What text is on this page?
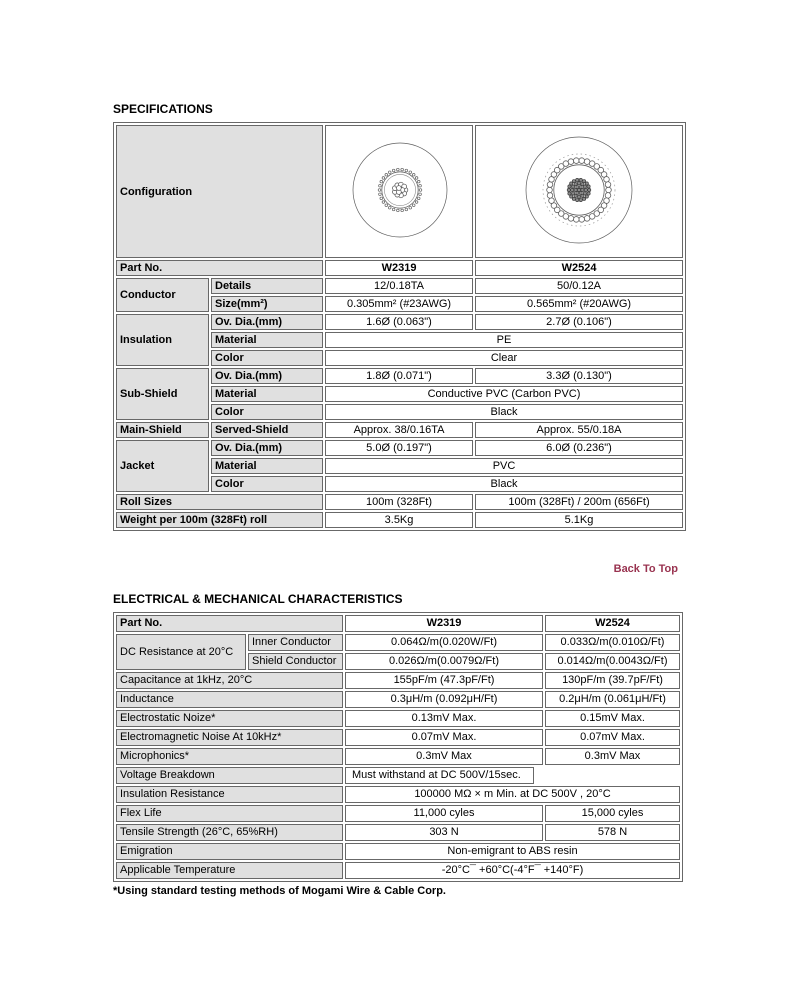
SPECIFICATIONS
Configuration		
Part No.		W2319	W2524
Conductor	Details	12/0.18TA	50/0.12A
	Size(mm²)	0.305mm² (#23AWG)	0.565mm² (#20AWG)
Insulation	Ov. Dia.(mm)	1.6Ø (0.063")	2.7Ø (0.106")
	Material	PE	
	Color	Clear	
Sub-Shield	Ov. Dia.(mm)	1.8Ø (0.071")	3.3Ø (0.130")
	Material	Conductive PVC (Carbon PVC)	
	Color	Black	
Main-Shield	Served-Shield	Approx. 38/0.16TA	Approx. 55/0.18A
Jacket	Ov. Dia.(mm)	5.0Ø (0.197")	6.0Ø (0.236")
	Material	PVC	
	Color	Black	
Roll Sizes		100m (328Ft)	100m (328Ft) / 200m (656Ft)
Weight per 100m (328Ft) roll		3.5Kg	5.1Kg
Back To Top
ELECTRICAL & MECHANICAL CHARACTERISTICS
Part No.		W2319	W2524
DC Resistance at 20°C	Inner Conductor	0.064Ω/m(0.020W/Ft)	0.033Ω/m(0.010Ω/Ft)
	Shield Conductor	0.026Ω/m(0.0079Ω/Ft)	0.014Ω/m(0.0043Ω/Ft)
Capacitance at 1kHz, 20°C		155pF/m (47.3pF/Ft)	130pF/m (39.7pF/Ft)
Inductance		0.3μH/m (0.092μH/Ft)	0.2μH/m (0.061μH/Ft)
Electrostatic Noize*		0.13mV Max.	0.15mV Max.
Electromagnetic Noise At 10kHz*		0.07mV Max.	0.07mV Max.
Microphonics*		0.3mV Max	0.3mV Max
Voltage Breakdown		Must withstand at DC 500V/15sec.	
Insulation Resistance		100000 MΩ × m Min. at DC 500V , 20°C	
Flex Life		11,000 cyles	15,000 cyles
Tensile Strength (26°C, 65%RH)		303 N	578 N
Emigration		Non-emigrant to ABS resin	
Applicable Temperature		-20°C¯ +60°C(-4°F¯ +140°F)	
*Using standard testing methods of Mogami Wire & Cable Corp.
